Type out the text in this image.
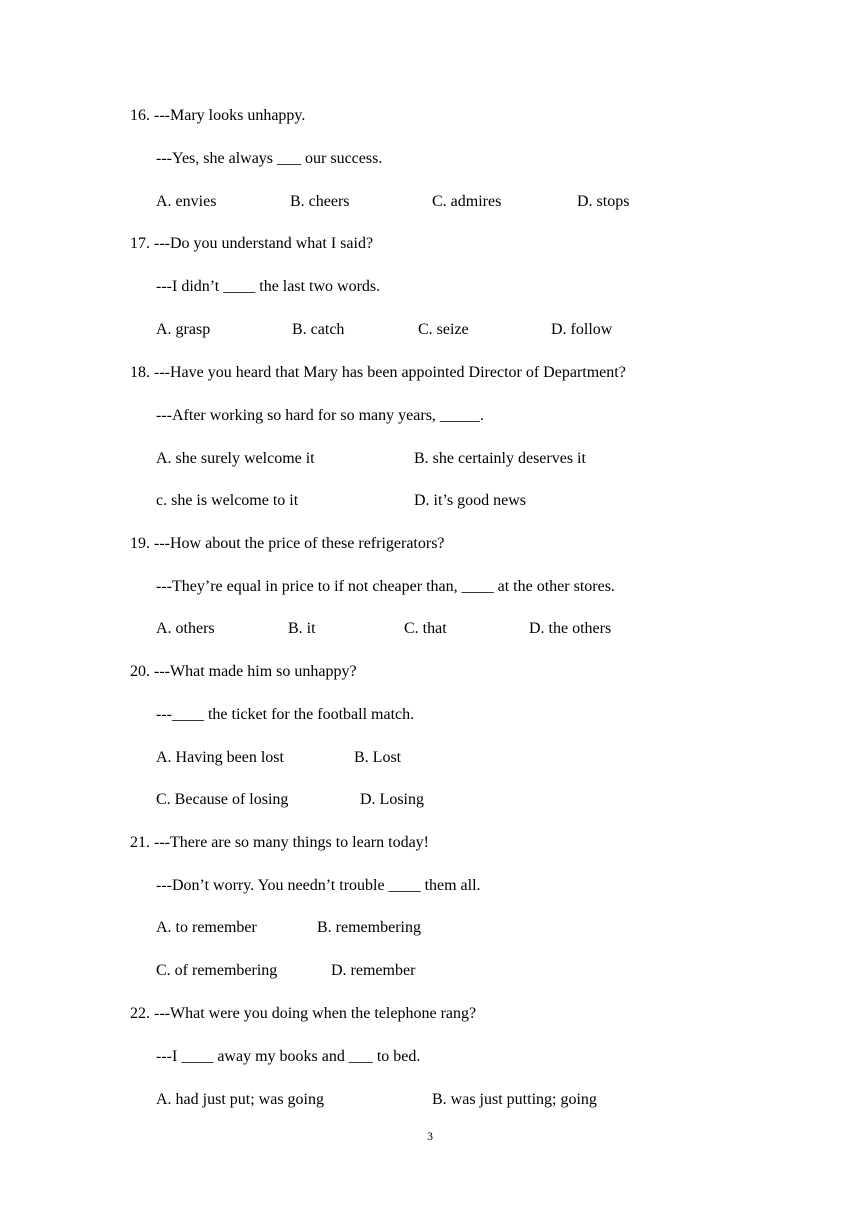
16. ---Mary looks unhappy.
---Yes, she always ___ our success.
A. envies	B. cheers	C. admires	D. stops
17. ---Do you understand what I said?
---I didn’t ____ the last two words.
A. grasp	B. catch	C. seize	D. follow
18. ---Have you heard that Mary has been appointed Director of Department?
---After working so hard for so many years, _____.
A. she surely welcome it	B. she certainly deserves it
c. she is welcome to it	D. it’s good news
19. ---How about the price of these refrigerators?
---They’re equal in price to if not cheaper than, ____ at the other stores.
A. others	B. it	C. that	D. the others
20. ---What made him so unhappy?
---____ the ticket for the football match.
A. Having been lost	B. Lost
C. Because of losing	D. Losing
21. ---There are so many things to learn today!
---Don’t worry. You needn’t trouble ____ them all.
A. to remember	B. remembering
C. of remembering	D. remember
22. ---What were you doing when the telephone rang?
---I ____ away my books and ___ to bed.
A. had just put; was going	B. was just putting; going
3
